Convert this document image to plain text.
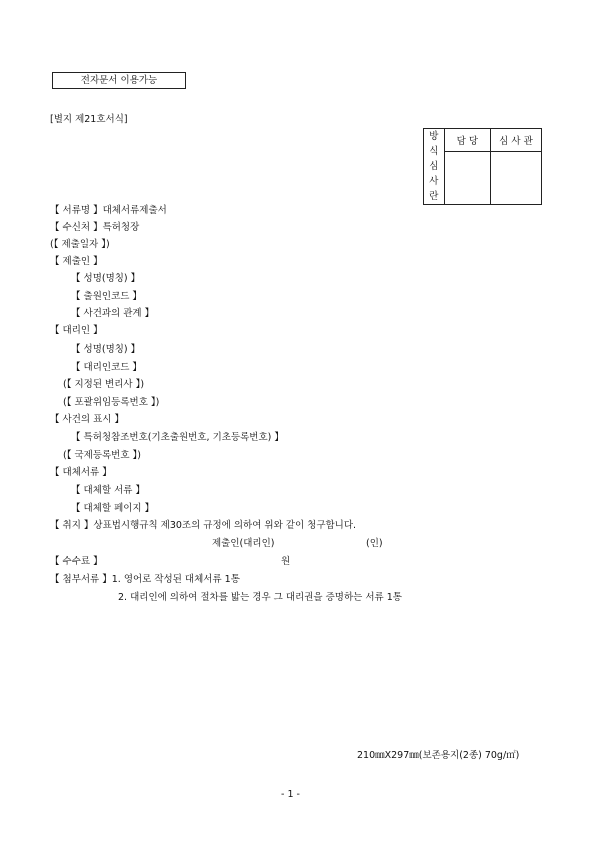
전자문서 이용가능
[별지 제21호서식]
방
식
심
사
란	담 당	심 사 관

【 서류명 】대체서류제출서
【 수신처 】특허청장
(【 제출일자 】)
【 제출인 】
【 성명(명칭) 】
【 출원인코드 】
【 사건과의 관계 】
【 대리인 】
【 성명(명칭) 】
【 대리인코드 】
(【 지정된 변리사 】)
(【 포괄위임등록번호 】)
【 사건의 표시 】
【 특허청참조번호(기초출원번호, 기초등록번호) 】
(【 국제등록번호 】)
【 대체서류 】
【 대체할 서류 】
【 대체할 페이지 】
【 취지 】상표법시행규칙 제30조의 규정에 의하여 위와 같이 청구합니다.
제출인(대리인)	(인)
【 수수료 】	원
【 첨부서류 】1. 영어로 작성된 대체서류 1통
2. 대리인에 의하여 절차를 밟는 경우 그 대리권을 증명하는 서류 1통
210㎜X297㎜(보존용지(2종) 70g/㎡)
- 1 -
